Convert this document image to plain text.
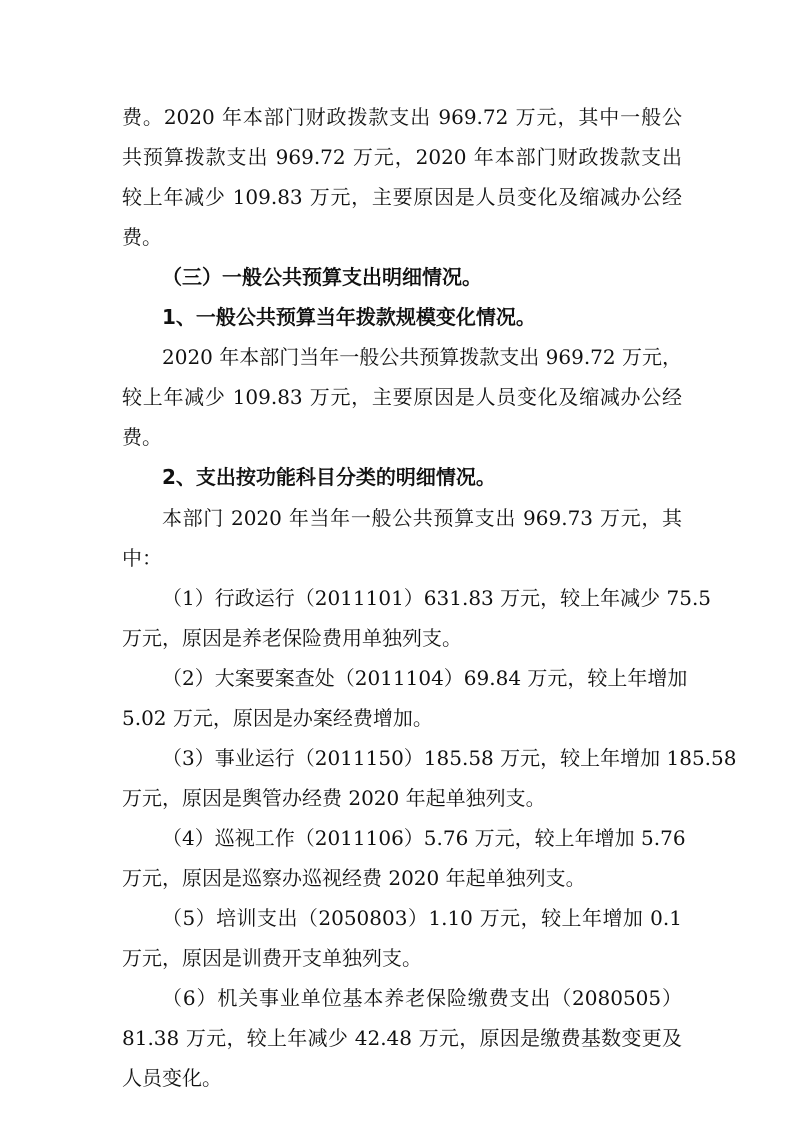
费。2020 年本部门财政拨款支出 969.72 万元，其中一般公
共预算拨款支出 969.72 万元，2020 年本部门财政拨款支出
较上年减少 109.83 万元，主要原因是人员变化及缩减办公经
费。
（三）一般公共预算支出明细情况。
1、一般公共预算当年拨款规模变化情况。
2020 年本部门当年一般公共预算拨款支出 969.72 万元，
较上年减少 109.83 万元，主要原因是人员变化及缩减办公经
费。
2、支出按功能科目分类的明细情况。
本部门 2020 年当年一般公共预算支出 969.73 万元，其
中：
（1）行政运行（2011101）631.83 万元，较上年减少 75.5
万元，原因是养老保险费用单独列支。
（2）大案要案查处（2011104）69.84 万元，较上年增加
5.02 万元，原因是办案经费增加。
（3）事业运行（2011150）185.58 万元，较上年增加 185.58
万元，原因是舆管办经费 2020 年起单独列支。
（4）巡视工作（2011106）5.76 万元，较上年增加 5.76
万元，原因是巡察办巡视经费 2020 年起单独列支。
（5）培训支出（2050803）1.10 万元，较上年增加 0.1
万元，原因是训费开支单独列支。
（6）机关事业单位基本养老保险缴费支出（2080505）
81.38 万元，较上年减少 42.48 万元，原因是缴费基数变更及
人员变化。
